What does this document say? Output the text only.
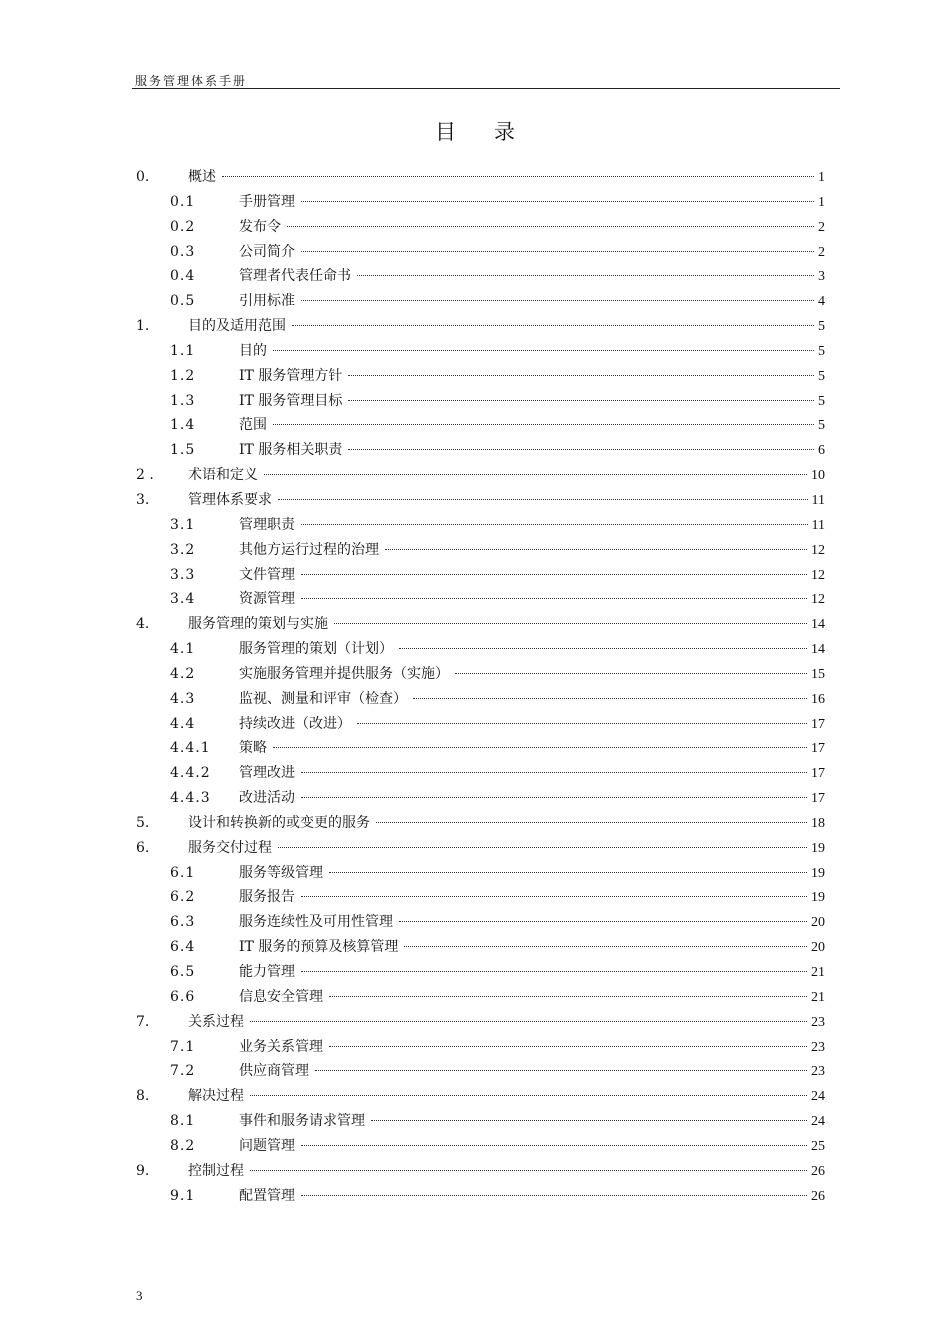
服务管理体系手册
目 录
0.	概述	1
0.1	手册管理	1
0.2	发布令	2
0.3	公司简介	2
0.4	管理者代表任命书	3
0.5	引用标准	4
1.	目的及适用范围	5
1.1	目的	5
1.2	IT 服务管理方针	5
1.3	IT 服务管理目标	5
1.4	范围	5
1.5	IT 服务相关职责	6
2 . 术语和定义	10
3.	管理体系要求	11
3.1	管理职责	11
3.2	其他方运行过程的治理	12
3.3	文件管理	12
3.4	资源管理	12
4.	服务管理的策划与实施	14
4.1	服务管理的策划（计划）	14
4.2	实施服务管理并提供服务（实施）	15
4.3	监视、测量和评审（检查）	16
4.4	持续改进（改进）	17
4.4.1 策略	17
4.4.2 管理改进	17
4.4.3 改进活动	17
5.	设计和转换新的或变更的服务	18
6.	服务交付过程	19
6.1	服务等级管理	19
6.2	服务报告	19
6.3	服务连续性及可用性管理	20
6.4	IT 服务的预算及核算管理	20
6.5	能力管理	21
6.6	信息安全管理	21
7.	关系过程	23
7.1	业务关系管理	23
7.2	供应商管理	23
8.	解决过程	24
8.1	事件和服务请求管理	24
8.2	问题管理	25
9.	控制过程	26
9.1	配置管理	26
3
